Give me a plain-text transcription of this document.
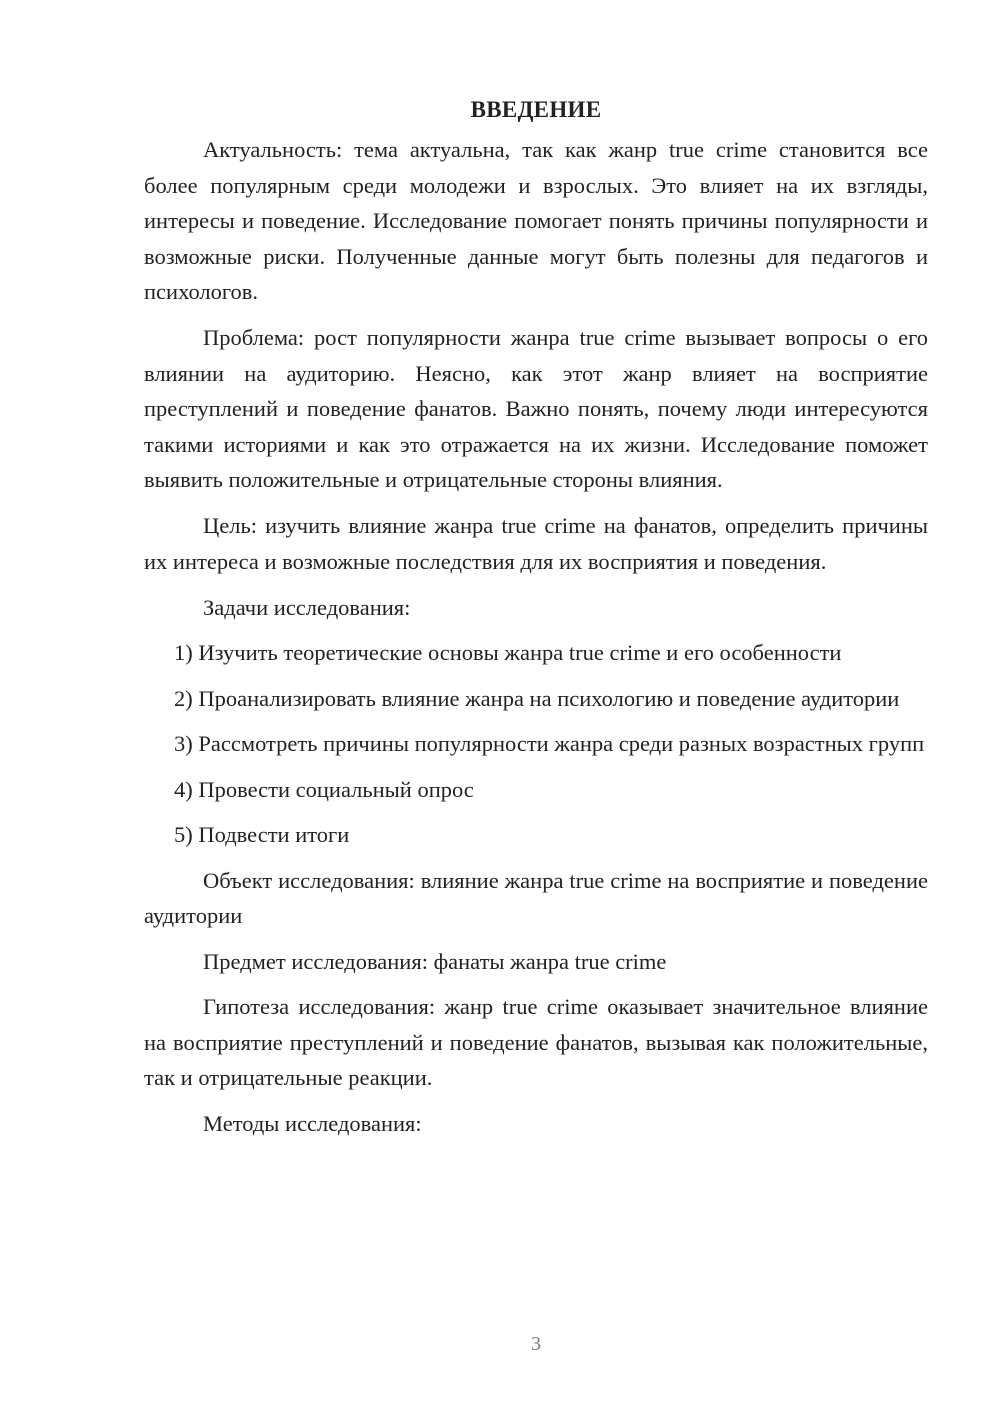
ВВЕДЕНИЕ

Актуальность: тема актуальна, так как жанр true crime становится все более популярным среди молодежи и взрослых. Это влияет на их взгляды, интересы и поведение. Исследование помогает понять причины популярности и возможные риски. Полученные данные могут быть полезны для педагогов и психологов.

Проблема: рост популярности жанра true crime вызывает вопросы о его влиянии на аудиторию. Неясно, как этот жанр влияет на восприятие преступлений и поведение фанатов. Важно понять, почему люди интересуются такими историями и как это отражается на их жизни. Исследование поможет выявить положительные и отрицательные стороны влияния.

Цель: изучить влияние жанра true crime на фанатов, определить причины их интереса и возможные последствия для их восприятия и поведения.

Задачи исследования:

1) Изучить теоретические основы жанра true crime и его особенности

2) Проанализировать влияние жанра на психологию и поведение аудитории

3) Рассмотреть причины популярности жанра среди разных возрастных групп

4) Провести социальный опрос

5) Подвести итоги

Объект исследования: влияние жанра true crime на восприятие и поведение аудитории

Предмет исследования: фанаты жанра true crime

Гипотеза исследования: жанр true crime оказывает значительное влияние на восприятие преступлений и поведение фанатов, вызывая как положительные, так и отрицательные реакции.

Методы исследования:

3
